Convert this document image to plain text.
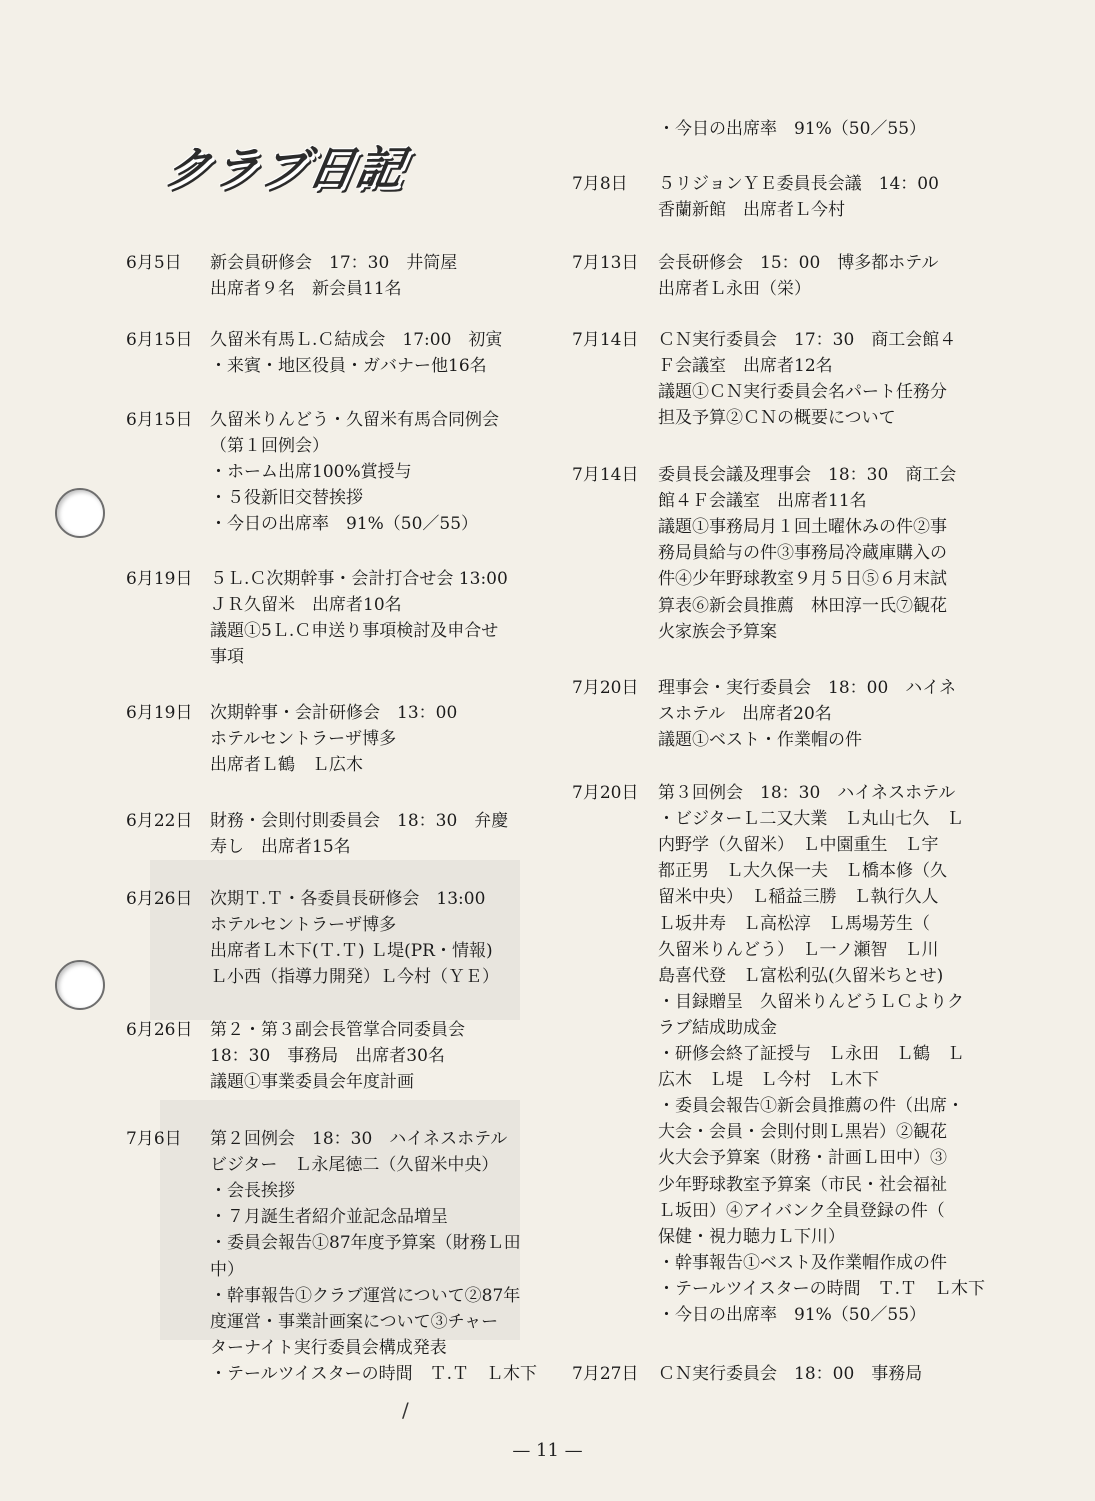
クラブ日記
6月5日 新会員研修会　17：30　井筒屋
出席者９名　新会員11名
6月15日 久留米有馬Ｌ.Ｃ結成会　17:00　初寅
・来賓・地区役員・ガバナー他16名
6月15日 久留米りんどう・久留米有馬合同例会
（第１回例会）
・ホーム出席100%賞授与
・５役新旧交替挨拶
・今日の出席率　91%（50／55）
6月19日 ５Ｌ.Ｃ次期幹事・会計打合せ会 13:00
ＪＲ久留米　出席者10名
議題①5Ｌ.Ｃ申送り事項検討及申合せ
事項
6月19日 次期幹事・会計研修会　13：00
ホテルセントラーザ博多
出席者Ｌ鶴　Ｌ広木
6月22日 財務・会則付則委員会　18：30　弁慶
寿し　出席者15名
6月26日 次期Ｔ.Ｔ・各委員長研修会　13:00
ホテルセントラーザ博多
出席者Ｌ木下(Ｔ.Ｔ) Ｌ堤(PR・情報)
Ｌ小西（指導力開発）Ｌ今村（ＹＥ）
6月26日 第２・第３副会長管掌合同委員会
18：30　事務局　出席者30名
議題①事業委員会年度計画
7月6日 第２回例会　18：30　ハイネスホテル
ビジター　Ｌ永尾徳二（久留米中央）
・会長挨拶
・７月誕生者紹介並記念品増呈
・委員会報告①87年度予算案（財務Ｌ田
中）
・幹事報告①クラブ運営について②87年
度運営・事業計画案について③チャー
ターナイト実行委員会構成発表
・テールツイスターの時間　Ｔ.Ｔ　Ｌ木下
・今日の出席率　91%（50／55）
7月8日 ５リジョンＹＥ委員長会議　14：00
香蘭新館　出席者Ｌ今村
7月13日 会長研修会　15：00　博多都ホテル
出席者Ｌ永田（栄）
7月14日 ＣＮ実行委員会　17：30　商工会館４
Ｆ会議室　出席者12名
議題①ＣＮ実行委員会名パート任務分
担及予算②ＣＮの概要について
7月14日 委員長会議及理事会　18：30　商工会
館４Ｆ会議室　出席者11名
議題①事務局月１回土曜休みの件②事
務局員給与の件③事務局冷蔵庫購入の
件④少年野球教室９月５日⑤６月末試
算表⑥新会員推薦　林田淳一氏⑦観花
火家族会予算案
7月20日 理事会・実行委員会　18：00　ハイネ
スホテル　出席者20名
議題①ベスト・作業帽の件
7月20日 第３回例会　18：30　ハイネスホテル
・ビジターＬ二又大業　Ｌ丸山七久　Ｌ
内野学（久留米）　Ｌ中園重生　Ｌ宇
都正男　Ｌ大久保一夫　Ｌ橋本修（久
留米中央）　Ｌ稲益三勝　Ｌ執行久人
Ｌ坂井寿　Ｌ高松淳　Ｌ馬場芳生（
久留米りんどう）　Ｌ一ノ瀬智　Ｌ川
島喜代登　Ｌ富松利弘(久留米ちとせ)
・目録贈呈　久留米りんどうＬＣよりク
ラブ結成助成金
・研修会終了証授与　Ｌ永田　Ｌ鶴　Ｌ
広木　Ｌ堤　Ｌ今村　Ｌ木下
・委員会報告①新会員推薦の件（出席・
大会・会員・会則付則Ｌ黒岩）②観花
火大会予算案（財務・計画Ｌ田中）③
少年野球教室予算案（市民・社会福祉
Ｌ坂田）④アイバンク全員登録の件（
保健・視力聴力Ｌ下川）
・幹事報告①ベスト及作業帽作成の件
・テールツイスターの時間　Ｔ.Ｔ　Ｌ木下
・今日の出席率　91%（50／55）
7月27日 ＣＮ実行委員会　18：00　事務局
/
— 11 —
